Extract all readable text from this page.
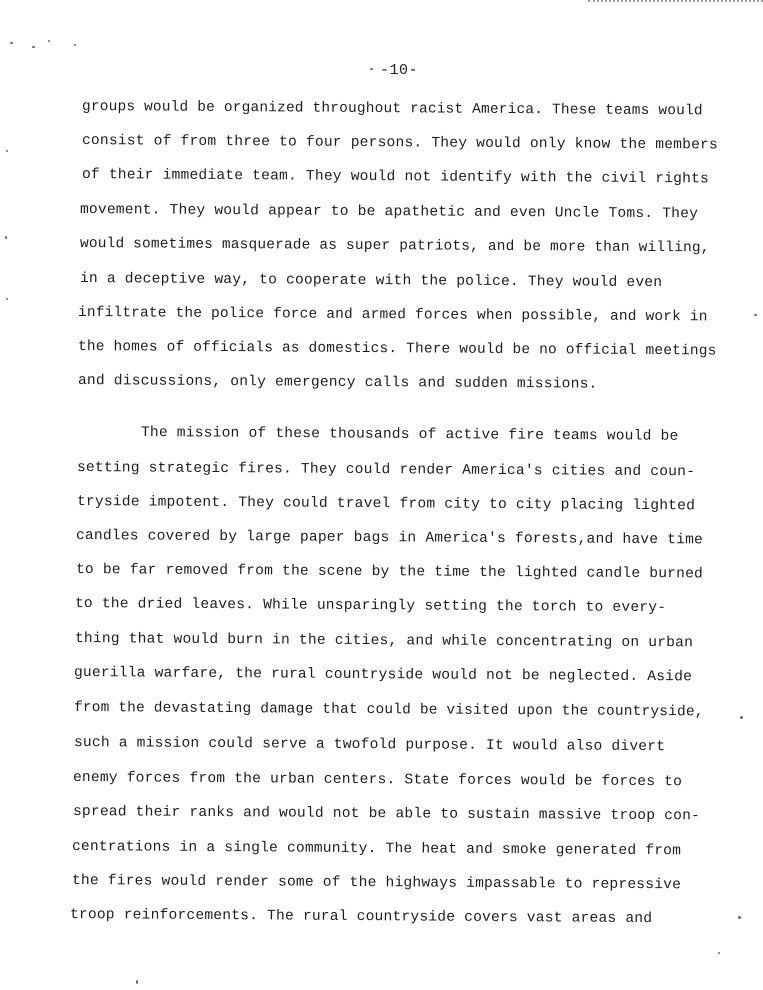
-10-
groups would be organized throughout racist America. These teams would
consist of from three to four persons. They would only know the members
of their immediate team. They would not identify with the civil rights
movement. They would appear to be apathetic and even Uncle Toms. They
would sometimes masquerade as super patriots, and be more than willing,
in a deceptive way, to cooperate with the police. They would even
infiltrate the police force and armed forces when possible, and work in
the homes of officials as domestics. There would be no official meetings
and discussions, only emergency calls and sudden missions.
The mission of these thousands of active fire teams would be
setting strategic fires. They could render America's cities and coun-
tryside impotent. They could travel from city to city placing lighted
candles covered by large paper bags in America's forests,and have time
to be far removed from the scene by the time the lighted candle burned
to the dried leaves. While unsparingly setting the torch to every-
thing that would burn in the cities, and while concentrating on urban
guerilla warfare, the rural countryside would not be neglected. Aside
from the devastating damage that could be visited upon the countryside,
such a mission could serve a twofold purpose. It would also divert
enemy forces from the urban centers. State forces would be forces to
spread their ranks and would not be able to sustain massive troop con-
centrations in a single community. The heat and smoke generated from
the fires would render some of the highways impassable to repressive
troop reinforcements. The rural countryside covers vast areas and
